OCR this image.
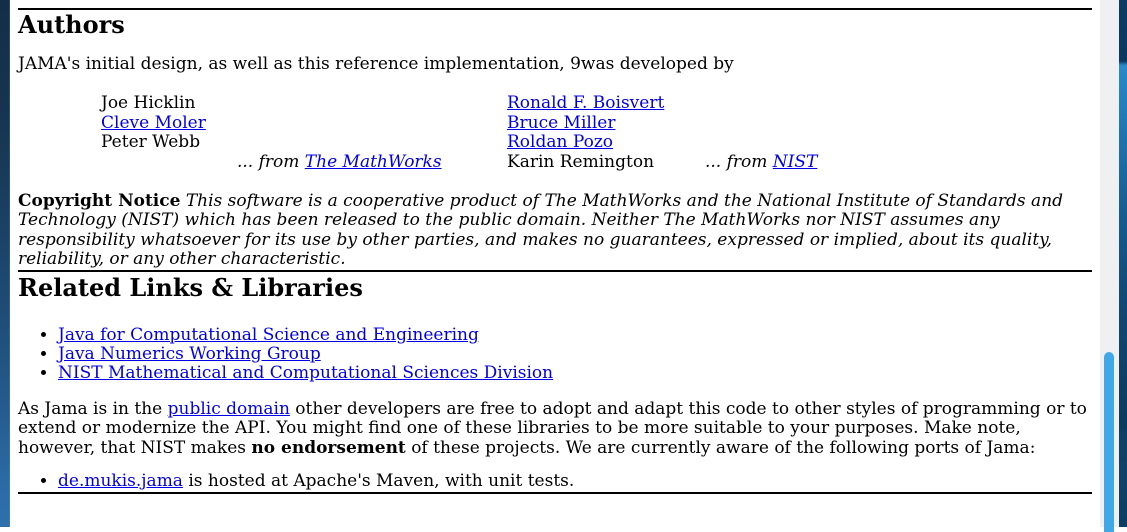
Authors

JAMA's initial design, as well as this reference implementation, 9was developed by

Joe Hicklin	Ronald F. Boisvert
Cleve Moler	Bruce Miller
Peter Webb	Roldan Pozo
... from The MathWorks	Karin Remington	... from NIST

Copyright Notice This software is a cooperative product of The MathWorks and the National Institute of Standards and Technology (NIST) which has been released to the public domain. Neither The MathWorks nor NIST assumes any responsibility whatsoever for its use by other parties, and makes no guarantees, expressed or implied, about its quality, reliability, or any other characteristic.

Related Links & Libraries
• Java for Computational Science and Engineering
• Java Numerics Working Group
• NIST Mathematical and Computational Sciences Division

As Jama is in the public domain other developers are free to adopt and adapt this code to other styles of programming or to extend or modernize the API. You might find one of these libraries to be more suitable to your purposes. Make note, however, that NIST makes no endorsement of these projects. We are currently aware of the following ports of Jama:

• de.mukis.jama is hosted at Apache's Maven, with unit tests.
